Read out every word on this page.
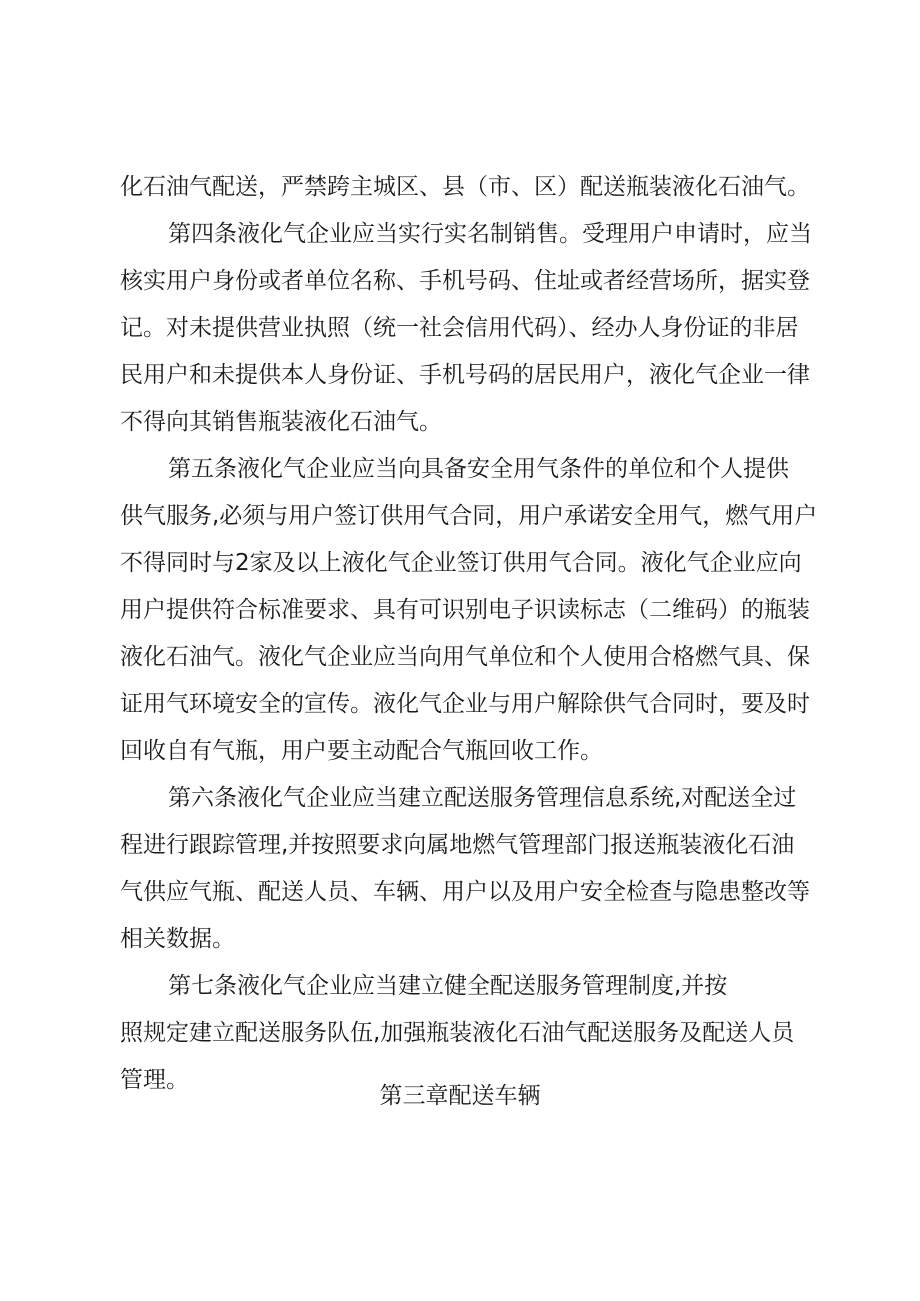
化石油气配送，严禁跨主城区、县（市、区）配送瓶装液化石油气。
第四条液化气企业应当实行实名制销售。受理用户申请时，应当
核实用户身份或者单位名称、手机号码、住址或者经营场所，据实登
记。对未提供营业执照（统一社会信用代码）、经办人身份证的非居
民用户和未提供本人身份证、手机号码的居民用户，液化气企业一律
不得向其销售瓶装液化石油气。
第五条液化气企业应当向具备安全用气条件的单位和个人提供
供气服务,必须与用户签订供用气合同，用户承诺安全用气，燃气用户
不得同时与2家及以上液化气企业签订供用气合同。液化气企业应向
用户提供符合标准要求、具有可识别电子识读标志（二维码）的瓶装
液化石油气。液化气企业应当向用气单位和个人使用合格燃气具、保
证用气环境安全的宣传。液化气企业与用户解除供气合同时，要及时
回收自有气瓶，用户要主动配合气瓶回收工作。
第六条液化气企业应当建立配送服务管理信息系统,对配送全过
程进行跟踪管理,并按照要求向属地燃气管理部门报送瓶装液化石油
气供应气瓶、配送人员、车辆、用户以及用户安全检查与隐患整改等
相关数据。
第七条液化气企业应当建立健全配送服务管理制度,并按
照规定建立配送服务队伍,加强瓶装液化石油气配送服务及配送人员
管理。
第三章配送车辆
